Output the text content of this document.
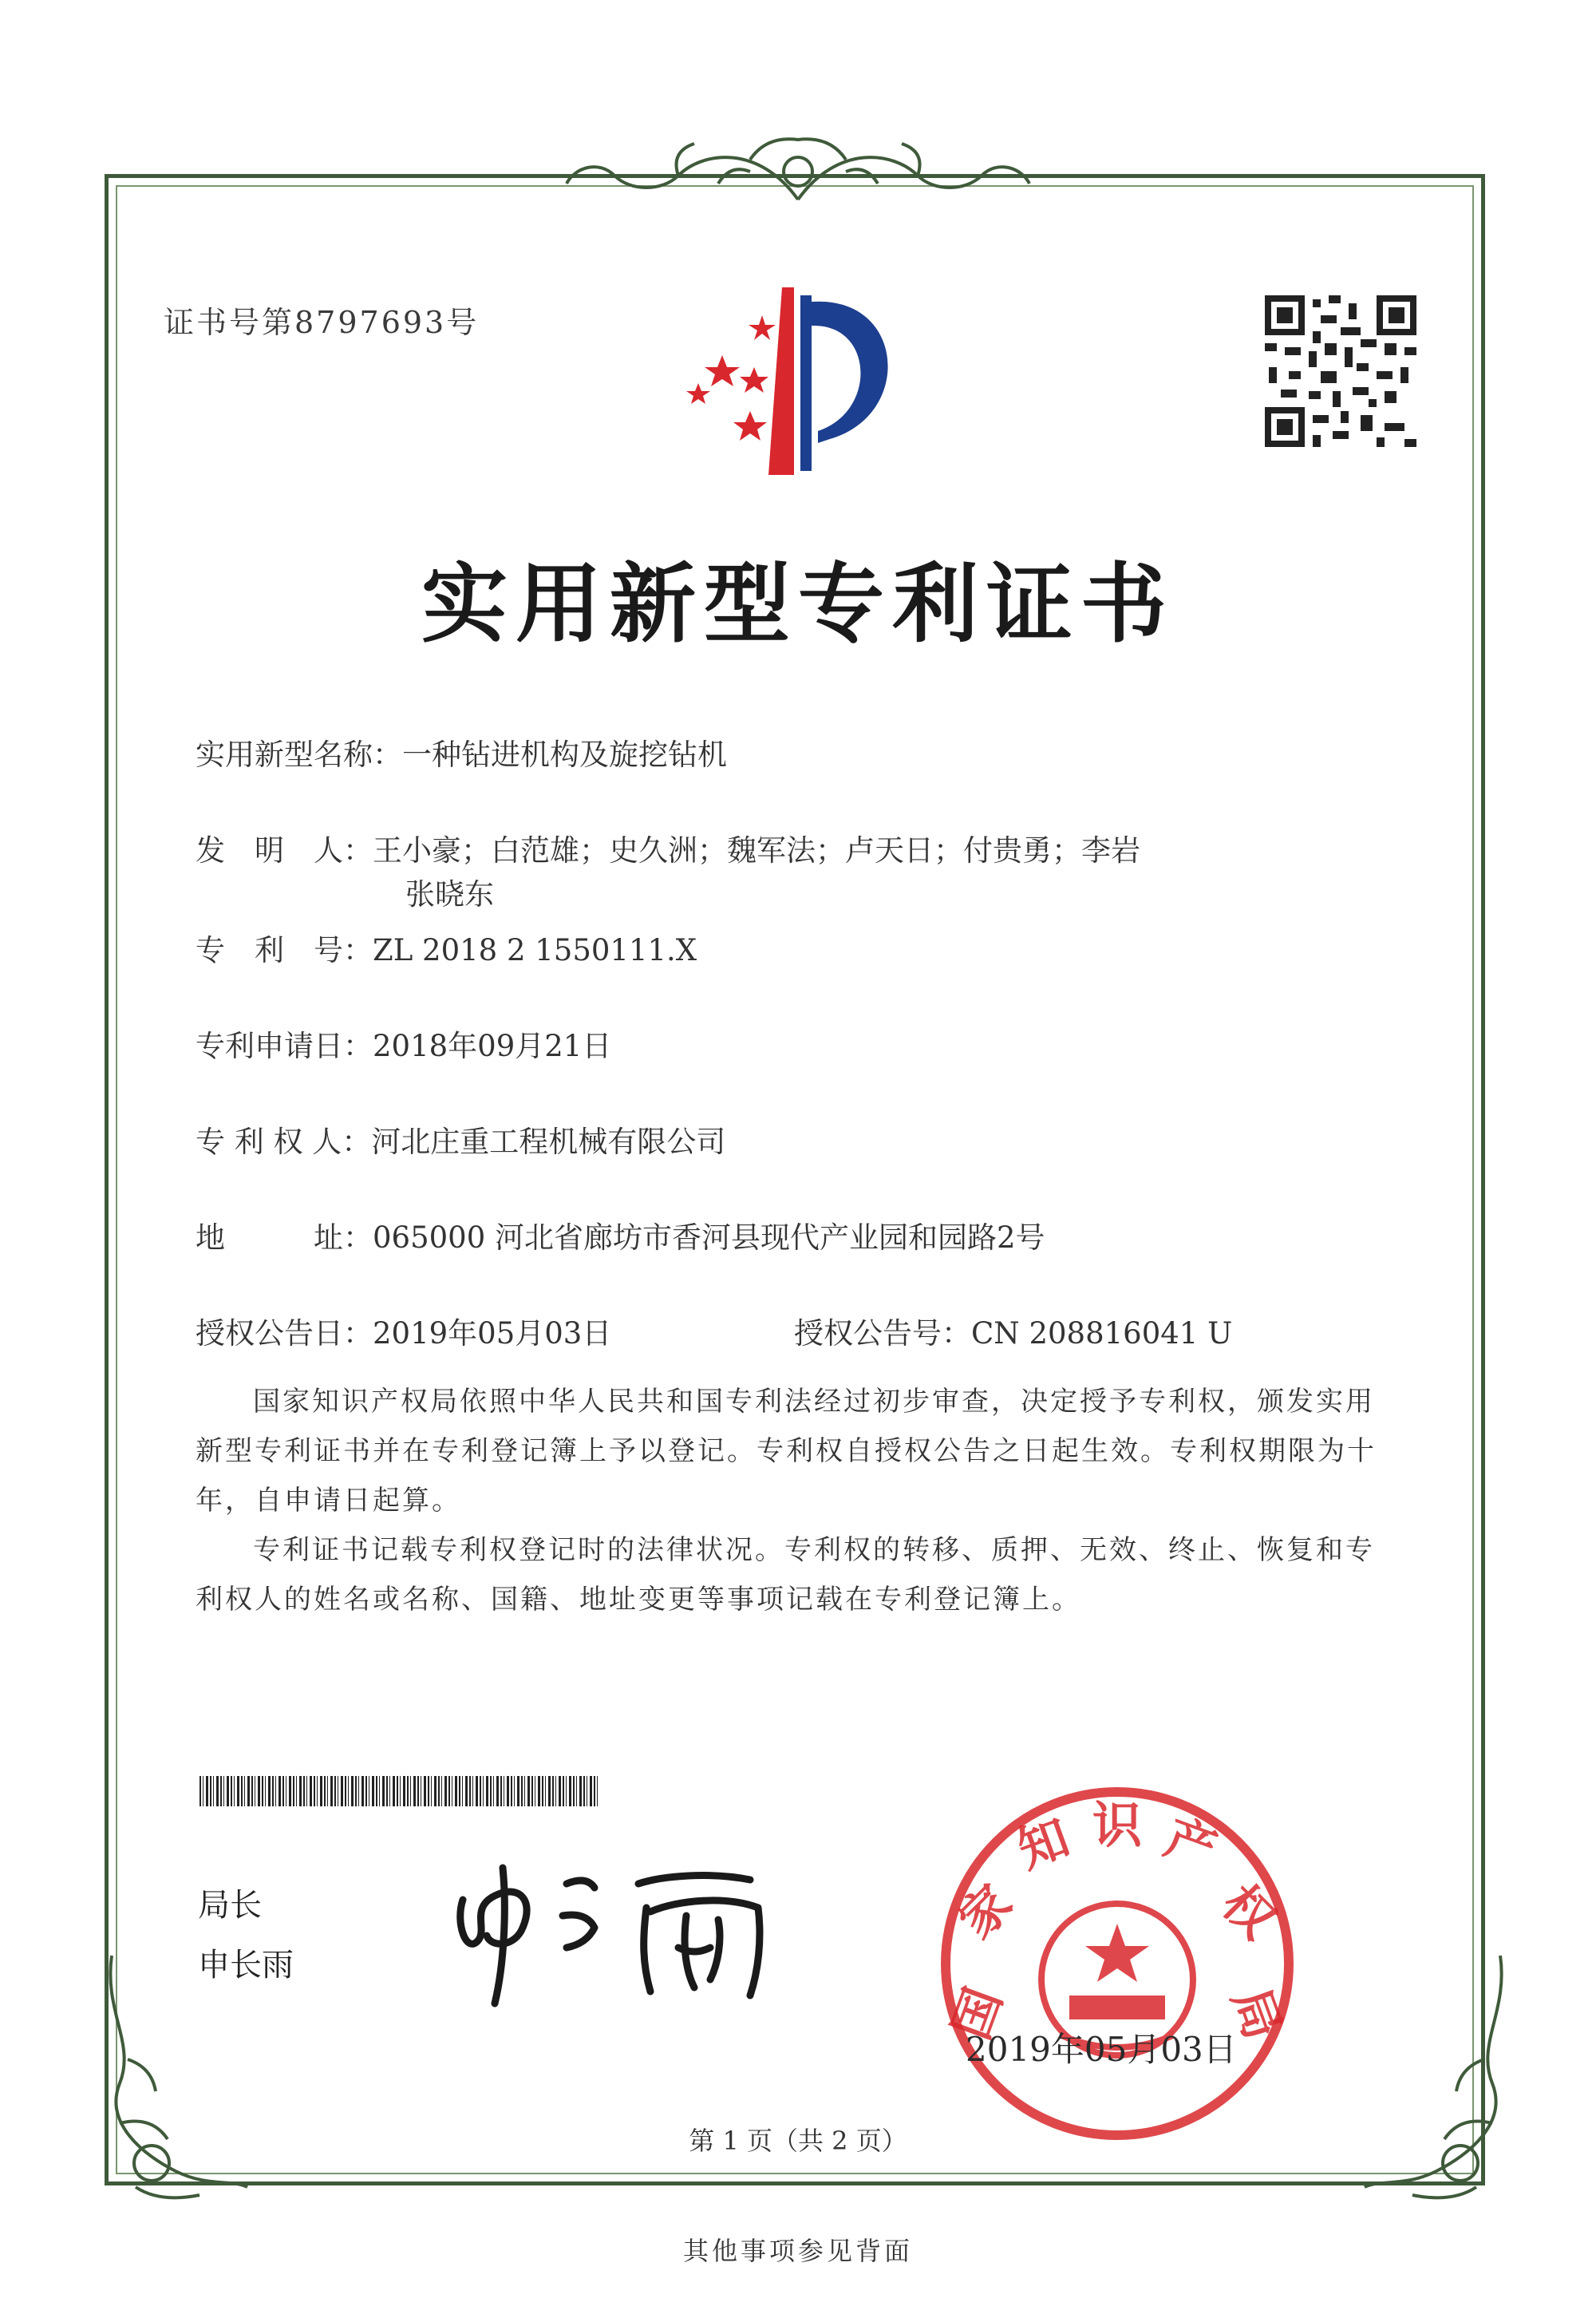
证书号第8797693号
实用新型专利证书
实用新型名称：一种钻进机构及旋挖钻机
发　明　人：王小豪；白范雄；史久洲；魏军法；卢天日；付贵勇；李岩
张晓东
专　利　号：ZL 2018 2 1550111.X
专利申请日：2018年09月21日
专 利 权 人：河北庄重工程机械有限公司
地　　　址：065000 河北省廊坊市香河县现代产业园和园路2号
授权公告日：2019年05月03日	授权公告号：CN 208816041 U

国家知识产权局依照中华人民共和国专利法经过初步审查，决定授予专利权，颁发实用新型专利证书并在专利登记簿上予以登记。专利权自授权公告之日起生效。专利权期限为十年，自申请日起算。

专利证书记载专利权登记时的法律状况。专利权的转移、质押、无效、终止、恢复和专利权人的姓名或名称、国籍、地址变更等事项记载在专利登记簿上。

局长
申长雨
国
家
知 识 产
权
局
2019年05月03日
第 1 页（共 2 页）
其他事项参见背面
